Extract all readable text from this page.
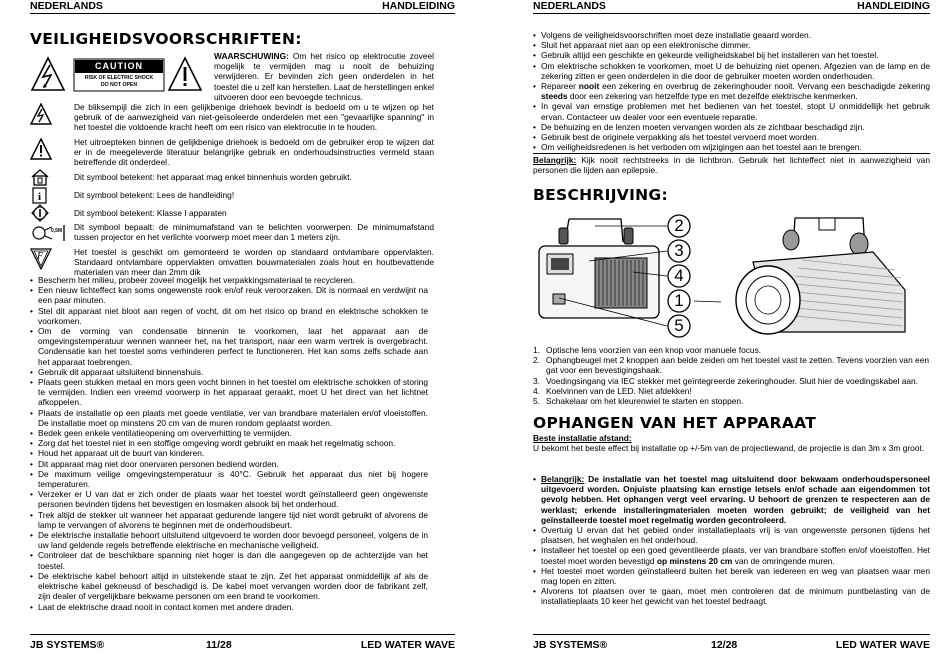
NEDERLANDS	HANDLEIDING
VEILIGHEIDSVOORSCHRIFTEN:
CAUTION
RISK OF ELECTRIC SHOCK
DO NOT OPEN
WAARSCHUWING: Om het risico op elektrocutie zoveel mogelijk te vermijden mag u nooit de behuizing verwijderen. Er bevinden zich geen onderdelen in het toestel die u zelf kan herstellen. Laat de herstellingen enkel uitvoeren door een bevoegde technicus.
De bliksempijl die zich in een gelijkbenige driehoek bevindt is bedoeld om u te wijzen op het gebruik of de aanwezigheid van niet-geïsoleerde onderdelen met een "gevaarlijke spanning" in het toestel die voldoende kracht heeft om een risico van elektrocutie in te houden.
Het uitroepteken binnen de gelijkbenige driehoek is bedoeld om de gebruiker erop te wijzen dat er in de meegeleverde literatuur belangrijke gebruik en onderhoudsinstructies vermeld staan betreffende dit onderdeel.
Dit symbool betekent: het apparaat mag enkel binnenhuis worden gebruikt.
i	Dit symbool betekent: Lees de handleiding!
Dit symbool betekent: Klasse I apparaten
0,5M Dit symbool bepaalt: de minimumafstand van te belichten voorwerpen. De minimumafstand tussen projector en het verlichte voorwerp moet meer dan 1 meters zijn.
F	Het toestel is geschikt om gemonteerd te worden op standaard ontvlambare oppervlakten. Standaard ontvlambare oppervlakten omvatten bouwmaterialen zoals hout en houtbevattende materialen van meer dan 2mm dik
• Bescherm het milieu, probeer zoveel mogelijk het verpakkingsmateriaal te recycleren.
• Een nieuw lichteffect kan soms ongewenste rook en/of reuk veroorzaken. Dit is normaal en verdwijnt na een paar minuten.
• Stel dit apparaat niet bloot aan regen of vocht, dit om het risico op brand en elektrische schokken te voorkomen.
• Om de vorming van condensatie binnenin te voorkomen, laat het apparaat aan de omgevingstemperatuur wennen wanneer het, na het transport, naar een warm vertrek is overgebracht. Condensatie kan het toestel soms verhinderen perfect te functioneren. Het kan soms zelfs schade aan het apparaat toebrengen.
• Gebruik dit apparaat uitsluitend binnenshuis.
• Plaats geen stukken metaal en mors geen vocht binnen in het toestel om elektrische schokken of storing te vermijden. Indien een vreemd voorwerp in het apparaat geraakt, moet U het direct van het lichtnet afkoppelen.
• Plaats de installatie op een plaats met goede ventilatie, ver van brandbare materialen en/of vloeistoffen. De installatie moet op minstens 20 cm van de muren rondom geplaatst worden.
• Bedek geen enkele ventilatieopening om oververhitting te vermijden.
• Zorg dat het toestel niet in een stoffige omgeving wordt gebruikt en maak het regelmatig schoon.
• Houd het apparaat uit de buurt van kinderen.
• Dit apparaat mag niet door onervaren personen bediend worden.
• De maximum veilige omgevingstemperatuur is 40°C. Gebruik het apparaat dus niet bij hogere temperaturen.
• Verzeker er U van dat er zich onder de plaats waar het toestel wordt geïnstalleerd geen ongewenste personen bevinden tijdens het bevestigen en losmaken alsook bij het onderhoud.
• Trek altijd de stekker uit wanneer het apparaat gedurende langere tijd niet wordt gebruikt of alvorens de lamp te vervangen of alvorens te beginnen met de onderhoudsbeurt.
• De elektrische installatie behoort uitsluitend uitgevoerd te worden door bevoegd personeel, volgens de in uw land geldende regels betreffende elektrische en mechanische veiligheid.
• Controleer dat de beschikbare spanning niet hoger is dan die aangegeven op de achterzijde van het toestel.
• De elektrische kabel behoort altijd in uitstekende staat te zijn. Zet het apparaat onmiddellijk af als de elektrische kabel gekneusd of beschadigd is. De kabel moet vervangen worden door de fabrikant zelf, zijn dealer of vergelijkbare bekwame personen om een brand te voorkomen.
• Laat de elektrische draad nooit in contact komen met andere draden.
JB SYSTEMS®	11/28	LED WATER WAVE
NEDERLANDS	HANDLEIDING
• Volgens de veiligheidsvoorschriften moet deze installatie geaard worden.
• Sluit het apparaat niet aan op een elektronische dimmer.
• Gebruik altijd een geschikte en gekeurde veiligheidskabel bij het installeren van het toestel.
• Om elektrische schokken te voorkomen, moet U de behuizing niet openen. Afgezien van de lamp en de zekering zitten er geen onderdelen in die door de gebruiker moeten worden onderhouden.
• Repareer nooit een zekering en overbrug de zekeringhouder nooit. Vervang een beschadigde zekering steeds door een zekering van hetzelfde type en met dezelfde elektrische kenmerken.
• In geval van ernstige problemen met het bedienen van het toestel, stopt U onmiddellijk het gebruik ervan. Contacteer uw dealer voor een eventuele reparatie.
• De behuizing en de lenzen moeten vervangen worden als ze zichtbaar beschadigd zijn.
• Gebruik best de originele verpakking als het toestel vervoerd moet worden.
• Om veiligheidsredenen is het verboden om wijzigingen aan het toestel aan te brengen.
Belangrijk: Kijk nooit rechtstreeks in de lichtbron. Gebruik het lichteffect niet in aanwezigheid van personen die lijden aan epilepsie.
BESCHRIJVING:
2
3
4
1
5
1. Optische lens voorzien van een knop voor manuele focus.
2. Ophangbeugel met 2 knoppen aan beide zeiden om het toestel vast te zetten. Tevens voorzien van een gat voor een bevestigingshaak.
3. Voedingsingang via IEC stekker met geïntegreerde zekeringhouder. Sluit hier de voedingskabel aan.
4. Koelvinnen van de LED. Niet afdekken!
5. Schakelaar om het kleurenwiel te starten en stoppen.
OPHANGEN VAN HET APPARAAT
Beste installatie afstand:
U bekomt het beste effect bij installatie op +/-5m van de projectiewand, de projectie is dan 3m x 3m groot.
• Belangrijk: De installatie van het toestel mag uitsluitend door bekwaam onderhoudspersoneel uitgevoerd worden. Onjuiste plaatsing kan ernstige letsels en/of schade aan eigendommen tot gevolg hebben. Het ophangen vergt veel ervaring. U behoort de grenzen te respecteren aan de werklast; erkende installeringmaterialen moeten worden gebruikt; de veiligheid van het geïnstalleerde toestel moet regelmatig worden gecontroleerd.
• Overtuig U ervan dat het gebied onder installatieplaats vrij is van ongewenste personen tijdens het plaatsen, het weghalen en het onderhoud.
• Installeer het toestel op een goed geventileerde plaats, ver van brandbare stoffen en/of vloeistoffen. Het toestel moet worden bevestigd op minstens 20 cm van de omringende muren.
• Het toestel moet worden geïnstalleerd buiten het bereik van iedereen en weg van plaatsen waar men mag lopen en zitten.
• Alvorens tot plaatsen over te gaan, moet men controleren dat de minimum puntbelasting van de installatieplaats 10 keer het gewicht van het toestel bedraagt.
JB SYSTEMS®	12/28	LED WATER WAVE
